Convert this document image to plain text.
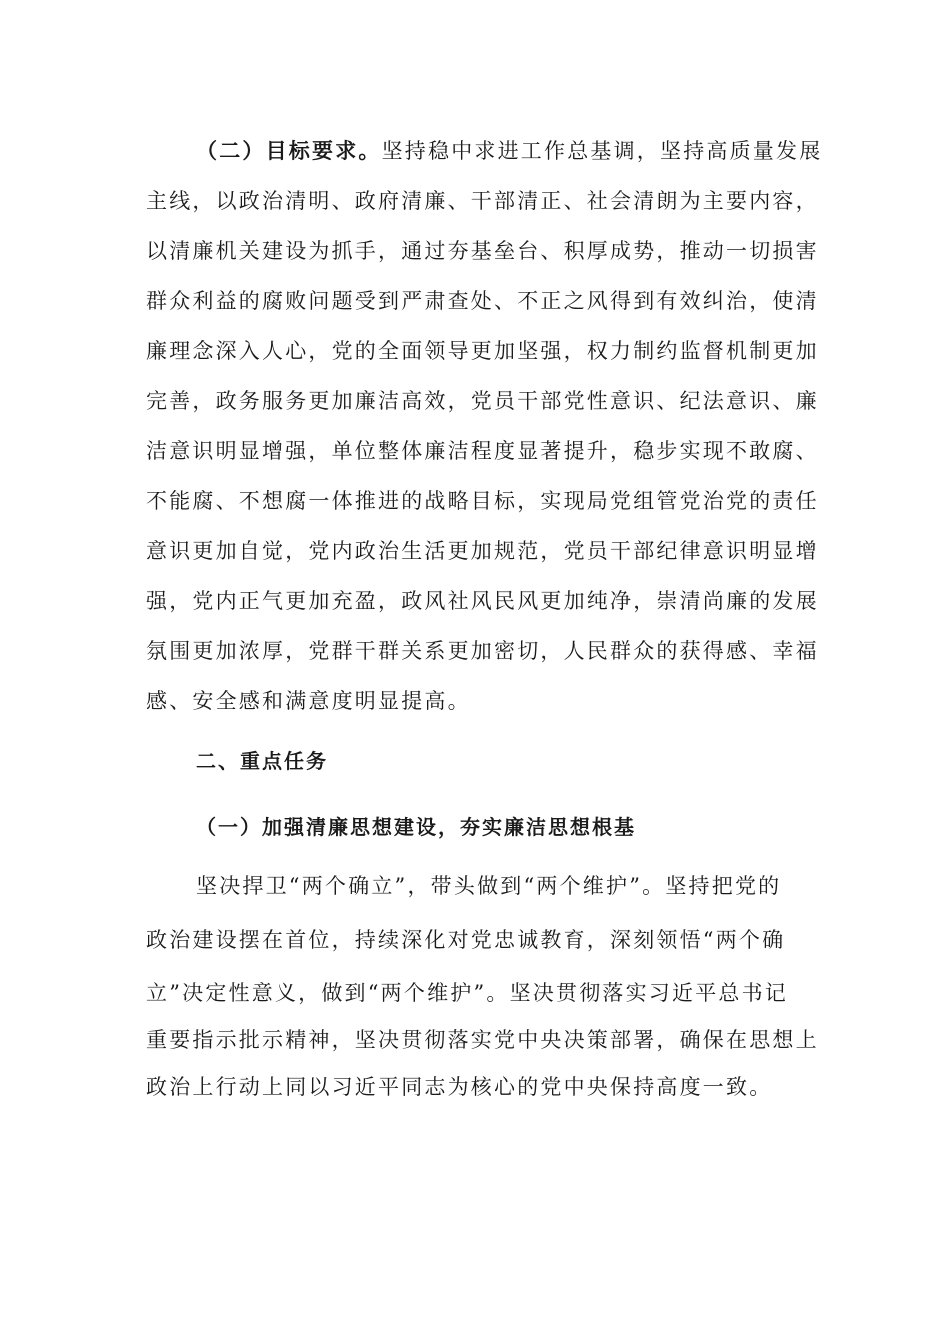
（二）目标要求。坚持稳中求进工作总基调，坚持高质量发展
主线，以政治清明、政府清廉、干部清正、社会清朗为主要内容，
以清廉机关建设为抓手，通过夯基垒台、积厚成势，推动一切损害
群众利益的腐败问题受到严肃查处、不正之风得到有效纠治，使清
廉理念深入人心，党的全面领导更加坚强，权力制约监督机制更加
完善，政务服务更加廉洁高效，党员干部党性意识、纪法意识、廉
洁意识明显增强，单位整体廉洁程度显著提升，稳步实现不敢腐、
不能腐、不想腐一体推进的战略目标，实现局党组管党治党的责任
意识更加自觉，党内政治生活更加规范，党员干部纪律意识明显增
强，党内正气更加充盈，政风社风民风更加纯净，崇清尚廉的发展
氛围更加浓厚，党群干群关系更加密切，人民群众的获得感、幸福
感、安全感和满意度明显提高。
二、重点任务
（一）加强清廉思想建设，夯实廉洁思想根基
坚决捍卫“两个确立”，带头做到“两个维护”。坚持把党的
政治建设摆在首位，持续深化对党忠诚教育，深刻领悟“两个确
立”决定性意义，做到“两个维护”。坚决贯彻落实习近平总书记
重要指示批示精神，坚决贯彻落实党中央决策部署，确保在思想上
政治上行动上同以习近平同志为核心的党中央保持高度一致。
